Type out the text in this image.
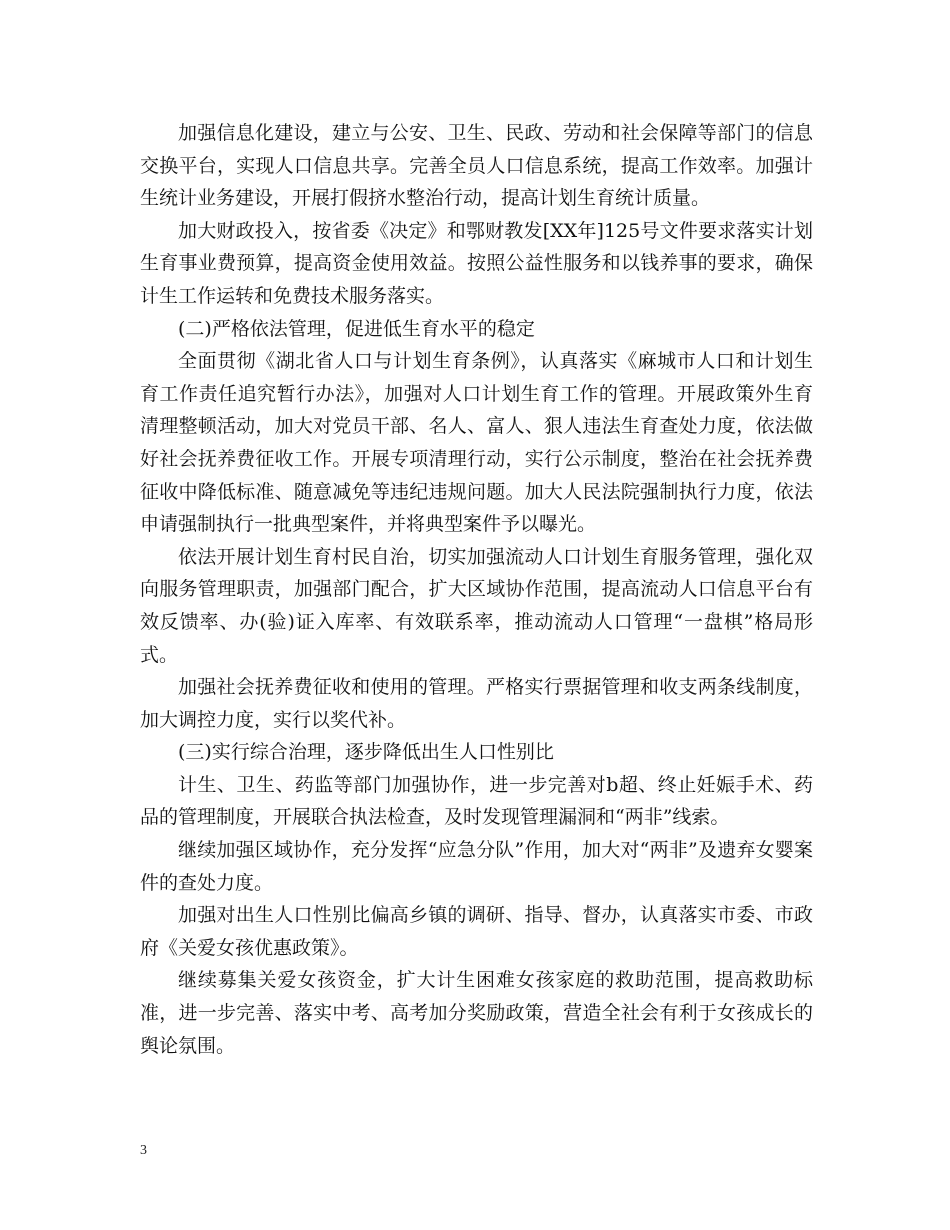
加强信息化建设，建立与公安、卫生、民政、劳动和社会保障等部门的信息交换平台，实现人口信息共享。完善全员人口信息系统，提高工作效率。加强计生统计业务建设，开展打假挤水整治行动，提高计划生育统计质量。

加大财政投入，按省委《决定》和鄂财教发[XX年]125号文件要求落实计划生育事业费预算，提高资金使用效益。按照公益性服务和以钱养事的要求，确保计生工作运转和免费技术服务落实。

(二)严格依法管理，促进低生育水平的稳定

全面贯彻《湖北省人口与计划生育条例》，认真落实《麻城市人口和计划生育工作责任追究暂行办法》，加强对人口计划生育工作的管理。开展政策外生育清理整顿活动，加大对党员干部、名人、富人、狠人违法生育查处力度，依法做好社会抚养费征收工作。开展专项清理行动，实行公示制度，整治在社会抚养费征收中降低标准、随意减免等违纪违规问题。加大人民法院强制执行力度，依法申请强制执行一批典型案件，并将典型案件予以曝光。

依法开展计划生育村民自治，切实加强流动人口计划生育服务管理，强化双向服务管理职责，加强部门配合，扩大区域协作范围，提高流动人口信息平台有效反馈率、办(验)证入库率、有效联系率，推动流动人口管理“一盘棋”格局形式。

加强社会抚养费征收和使用的管理。严格实行票据管理和收支两条线制度，加大调控力度，实行以奖代补。

(三)实行综合治理，逐步降低出生人口性别比

计生、卫生、药监等部门加强协作，进一步完善对b超、终止妊娠手术、药品的管理制度，开展联合执法检查，及时发现管理漏洞和“两非”线索。

继续加强区域协作，充分发挥“应急分队”作用，加大对“两非”及遗弃女婴案件的查处力度。

加强对出生人口性别比偏高乡镇的调研、指导、督办，认真落实市委、市政府《关爱女孩优惠政策》。

继续募集关爱女孩资金，扩大计生困难女孩家庭的救助范围，提高救助标准，进一步完善、落实中考、高考加分奖励政策，营造全社会有利于女孩成长的舆论氛围。

3
